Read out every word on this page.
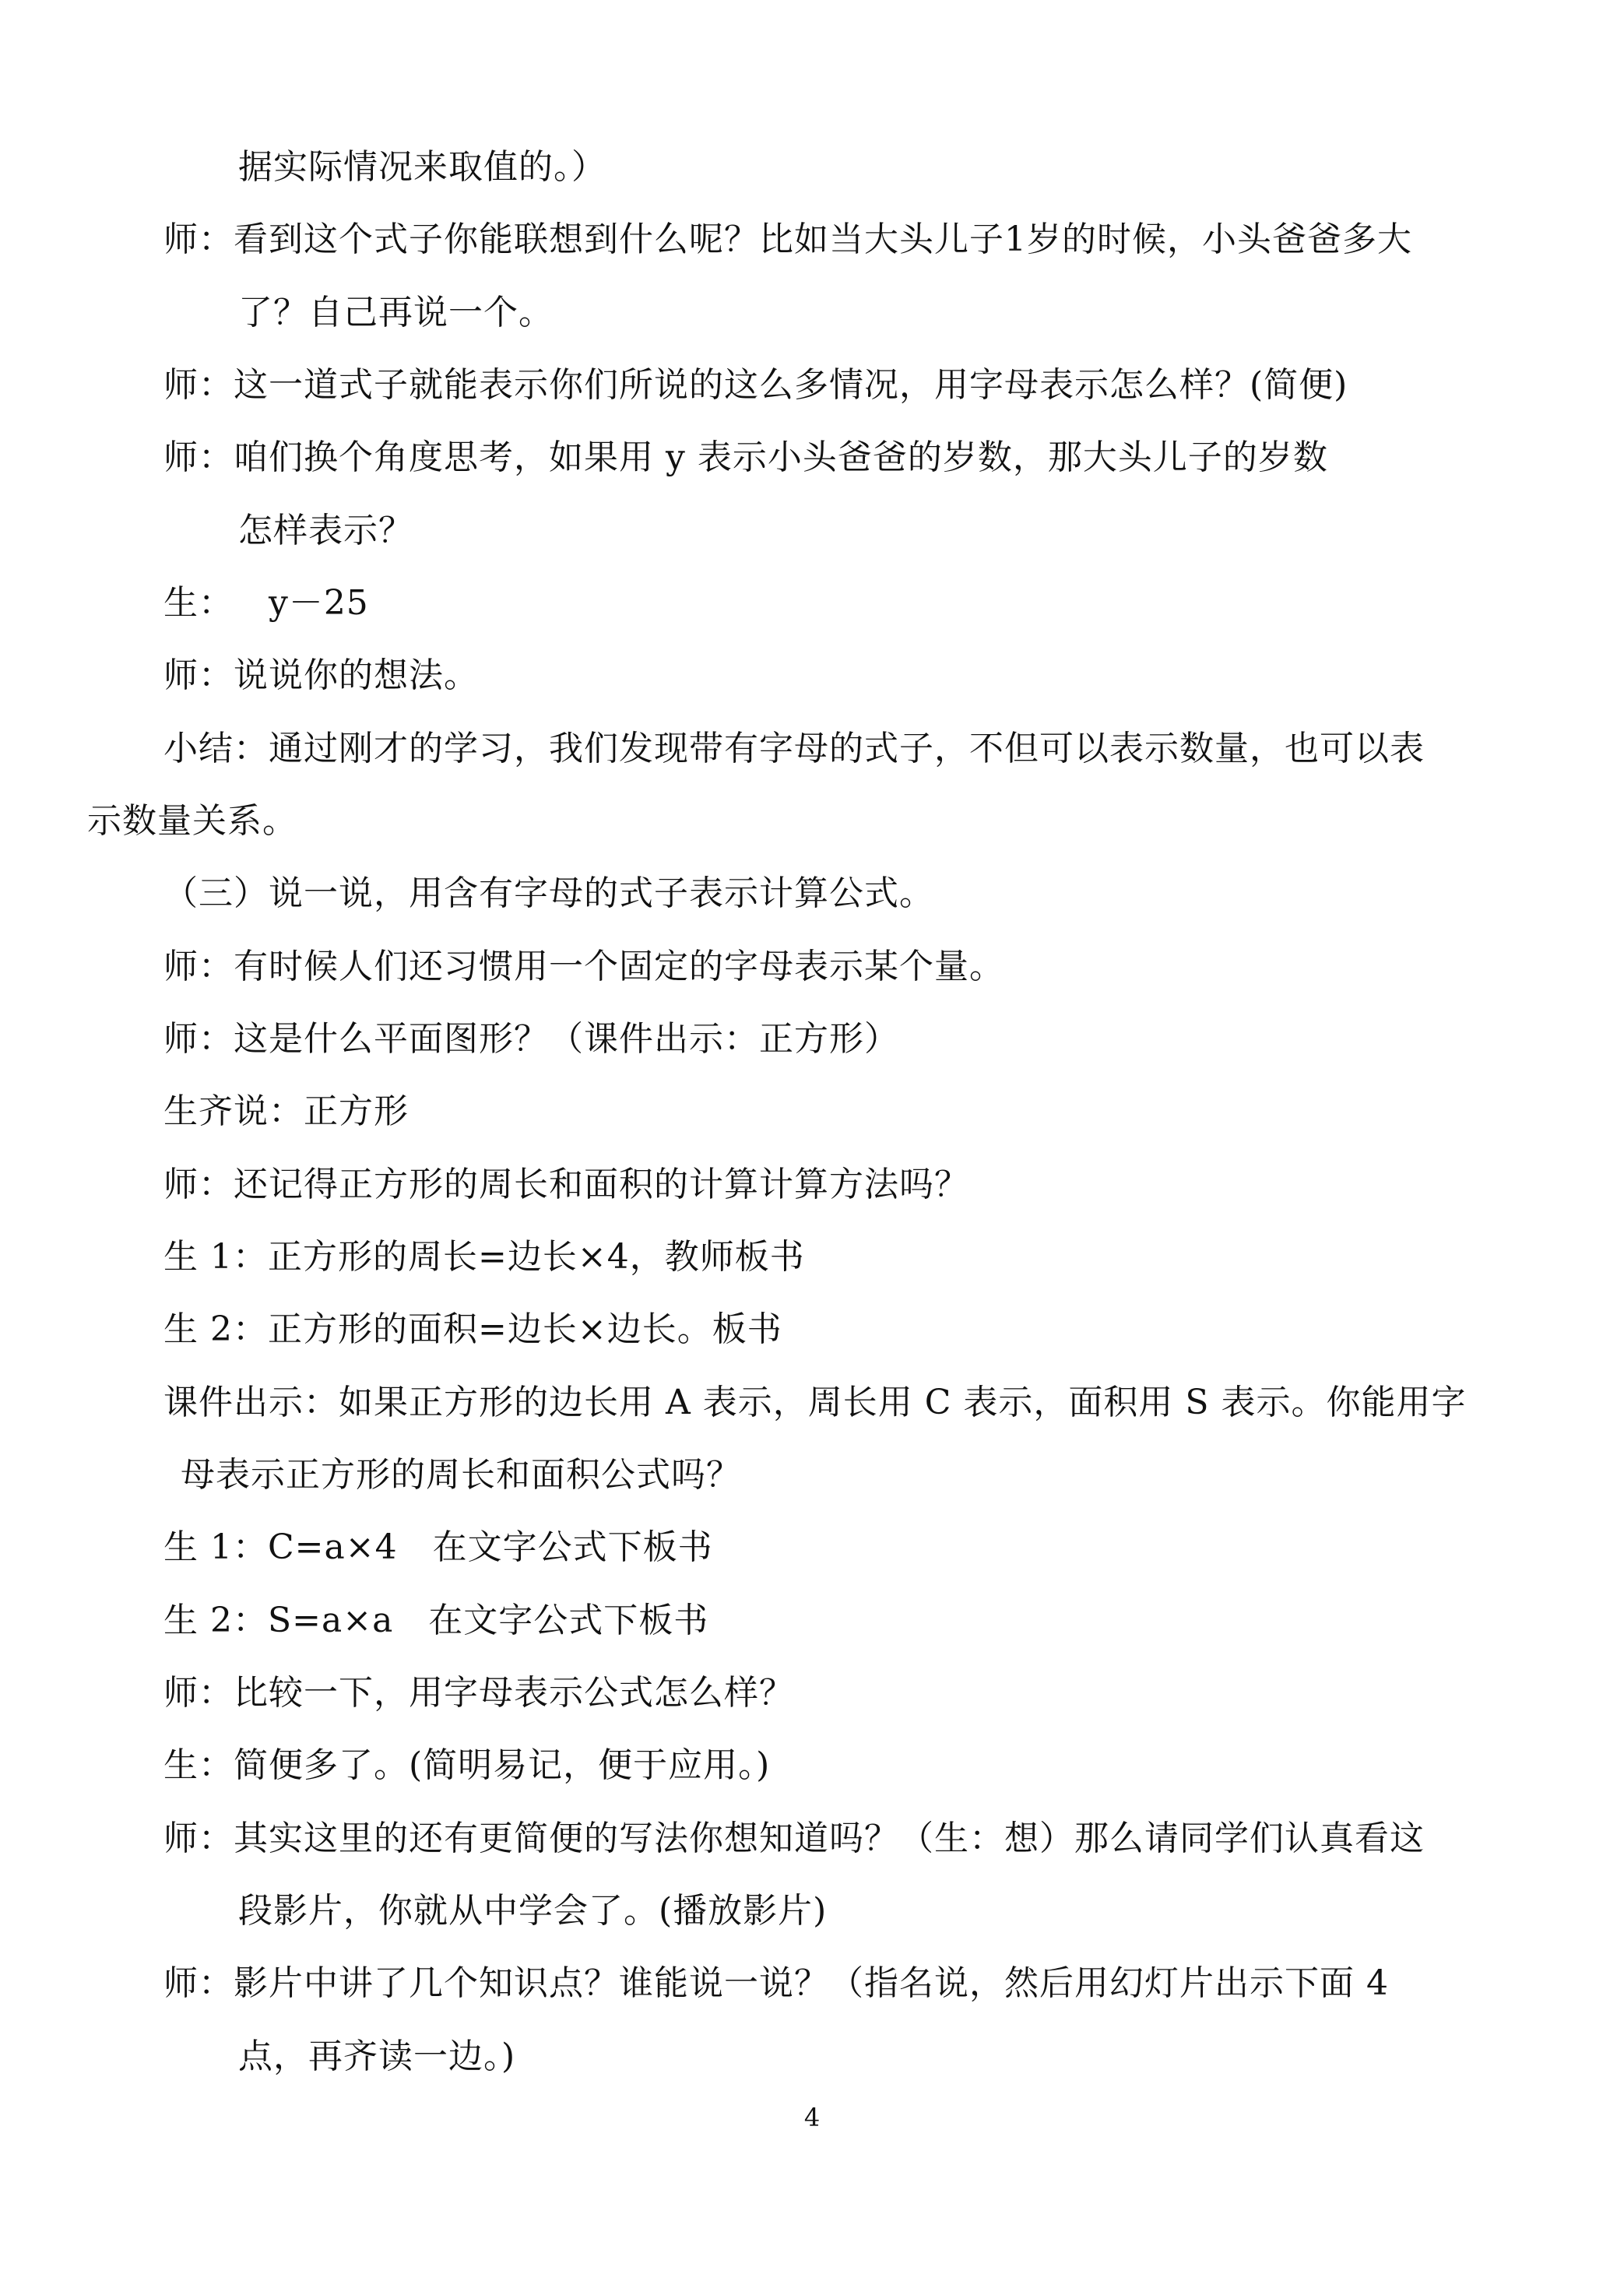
据实际情况来取值的。）
师：看到这个式子你能联想到什么呢？比如当大头儿子1岁的时候，小头爸爸多大
了？自己再说一个。
师：这一道式子就能表示你们所说的这么多情况，用字母表示怎么样？(简便)
师：咱们换个角度思考，如果用 y 表示小头爸爸的岁数，那大头儿子的岁数
怎样表示？
生：   y－25
师：说说你的想法。
小结：通过刚才的学习，我们发现带有字母的式子，不但可以表示数量，也可以表
示数量关系。
（三）说一说，用含有字母的式子表示计算公式。
师：有时候人们还习惯用一个固定的字母表示某个量。
师：这是什么平面图形？（课件出示：正方形）
生齐说：正方形
师：还记得正方形的周长和面积的计算计算方法吗？
生 1：正方形的周长=边长×4，教师板书
生 2：正方形的面积=边长×边长。板书
课件出示：如果正方形的边长用 A 表示，周长用 C 表示，面积用 S 表示。你能用字
母表示正方形的周长和面积公式吗？
生 1：C=a×4   在文字公式下板书
生 2：S=a×a   在文字公式下板书
师：比较一下，用字母表示公式怎么样？
生：简便多了。(简明易记，便于应用。)
师：其实这里的还有更简便的写法你想知道吗？（生：想）那么请同学们认真看这
段影片，你就从中学会了。(播放影片)
师：影片中讲了几个知识点？谁能说一说？（指名说，然后用幻灯片出示下面 4
点，再齐读一边。)
4
